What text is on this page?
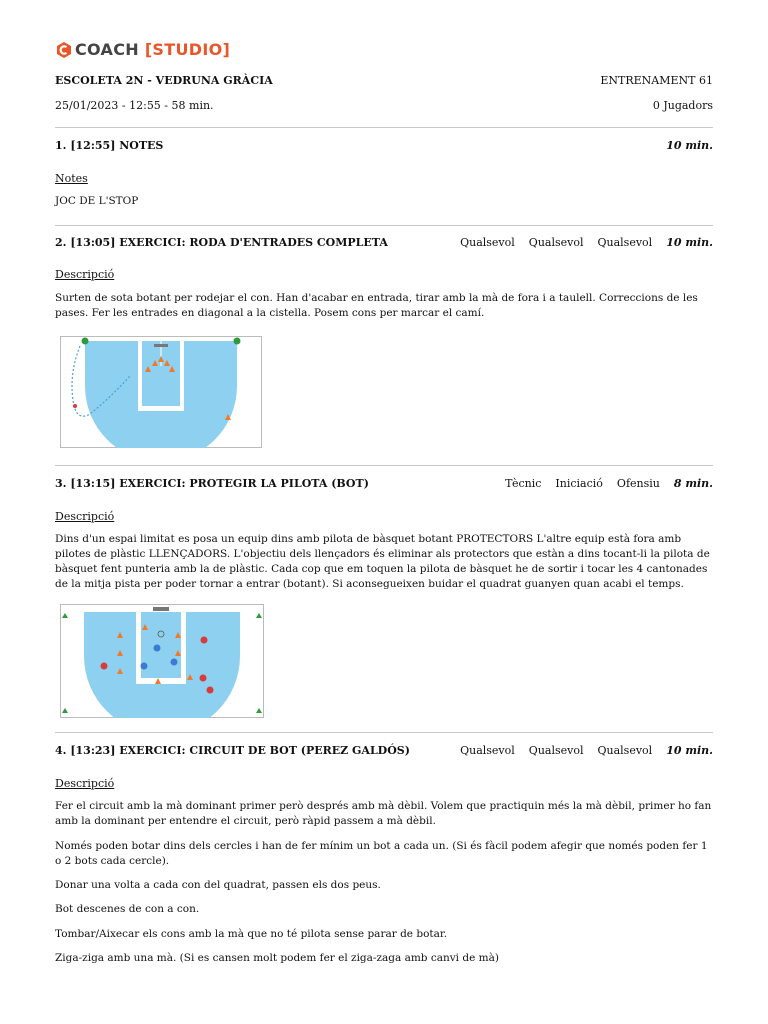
COACH [STUDIO]
ESCOLETA 2N - VEDRUNA GRÀCIA	ENTRENAMENT 61
25/01/2023 - 12:55 - 58 min.	0 Jugadors
1. [12:55] NOTES	10 min.
Notes
JOC DE L'STOP
2. [13:05] EXERCICI: RODA D'ENTRADES COMPLETA	Qualsevol Qualsevol Qualsevol 10 min.
Descripció
Surten de sota botant per rodejar el con. Han d'acabar en entrada, tirar amb la mà de fora i a taulell. Correccions de les pases. Fer les entrades en diagonal a la cistella. Posem cons per marcar el camí.
3. [13:15] EXERCICI: PROTEGIR LA PILOTA (BOT)	Tècnic Iniciació Ofensiu 8 min.
Descripció
Dins d'un espai limitat es posa un equip dins amb pilota de bàsquet botant PROTECTORS L'altre equip està fora amb pilotes de plàstic LLENÇADORS. L'objectiu dels llençadors és eliminar als protectors que estàn a dins tocant-li la pilota de bàsquet fent punteria amb la de plàstic. Cada cop que em toquen la pilota de bàsquet he de sortir i tocar les 4 cantonades de la mitja pista per poder tornar a entrar (botant). Si aconsegueixen buidar el quadrat guanyen quan acabi el temps.
4. [13:23] EXERCICI: CIRCUIT DE BOT (PEREZ GALDÓS)	Qualsevol Qualsevol Qualsevol 10 min.
Descripció
Fer el circuit amb la mà dominant primer però després amb mà dèbil. Volem que practiquin més la mà dèbil, primer ho fan amb la dominant per entendre el circuit, però ràpid passem a mà dèbil.
Només poden botar dins dels cercles i han de fer mínim un bot a cada un. (Si és fàcil podem afegir que només poden fer 1 o 2 bots cada cercle).
Donar una volta a cada con del quadrat, passen els dos peus.
Bot descenes de con a con.
Tombar/Aixecar els cons amb la mà que no té pilota sense parar de botar.
Ziga-ziga amb una mà. (Si es cansen molt podem fer el ziga-zaga amb canvi de mà)
